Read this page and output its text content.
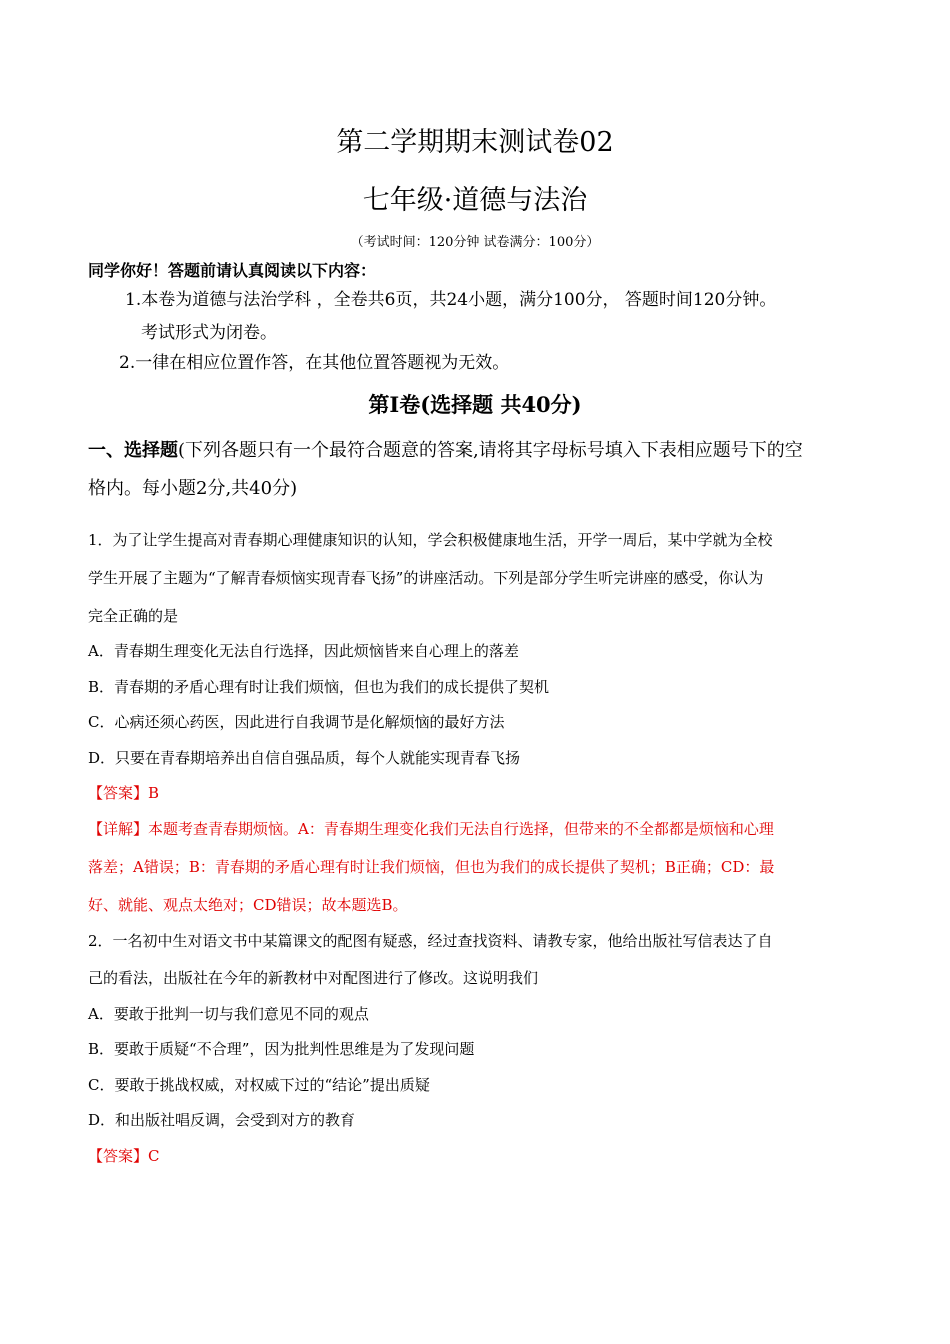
第二学期期末测试卷02
七年级·道德与法治
（考试时间：120分钟 试卷满分：100分）
同学你好！答题前请认真阅读以下内容：
1.本卷为道德与法治学科 ，全卷共6页，共24小题，满分100分， 答题时间120分钟。
考试形式为闭卷。
2.一律在相应位置作答，在其他位置答题视为无效。
第Ⅰ卷(选择题 共40分)
一、选择题(下列各题只有一个最符合题意的答案,请将其字母标号填入下表相应题号下的空
格内。每小题2分,共40分)
1．为了让学生提高对青春期心理健康知识的认知，学会积极健康地生活，开学一周后，某中学就为全校
学生开展了主题为“了解青春烦恼实现青春飞扬”的讲座活动。下列是部分学生听完讲座的感受，你认为
完全正确的是
A．青春期生理变化无法自行选择，因此烦恼皆来自心理上的落差
B．青春期的矛盾心理有时让我们烦恼，但也为我们的成长提供了契机
C．心病还须心药医，因此进行自我调节是化解烦恼的最好方法
D．只要在青春期培养出自信自强品质，每个人就能实现青春飞扬
【答案】B
【详解】本题考查青春期烦恼。A：青春期生理变化我们无法自行选择，但带来的不全都都是烦恼和心理
落差；A错误；B：青春期的矛盾心理有时让我们烦恼，但也为我们的成长提供了契机；B正确；CD：最
好、就能、观点太绝对；CD错误；故本题选B。
2．一名初中生对语文书中某篇课文的配图有疑惑，经过查找资料、请教专家，他给出版社写信表达了自
己的看法，出版社在今年的新教材中对配图进行了修改。这说明我们
A．要敢于批判一切与我们意见不同的观点
B．要敢于质疑“不合理”，因为批判性思维是为了发现问题
C．要敢于挑战权威，对权威下过的“结论”提出质疑
D．和出版社唱反调，会受到对方的教育
【答案】C
